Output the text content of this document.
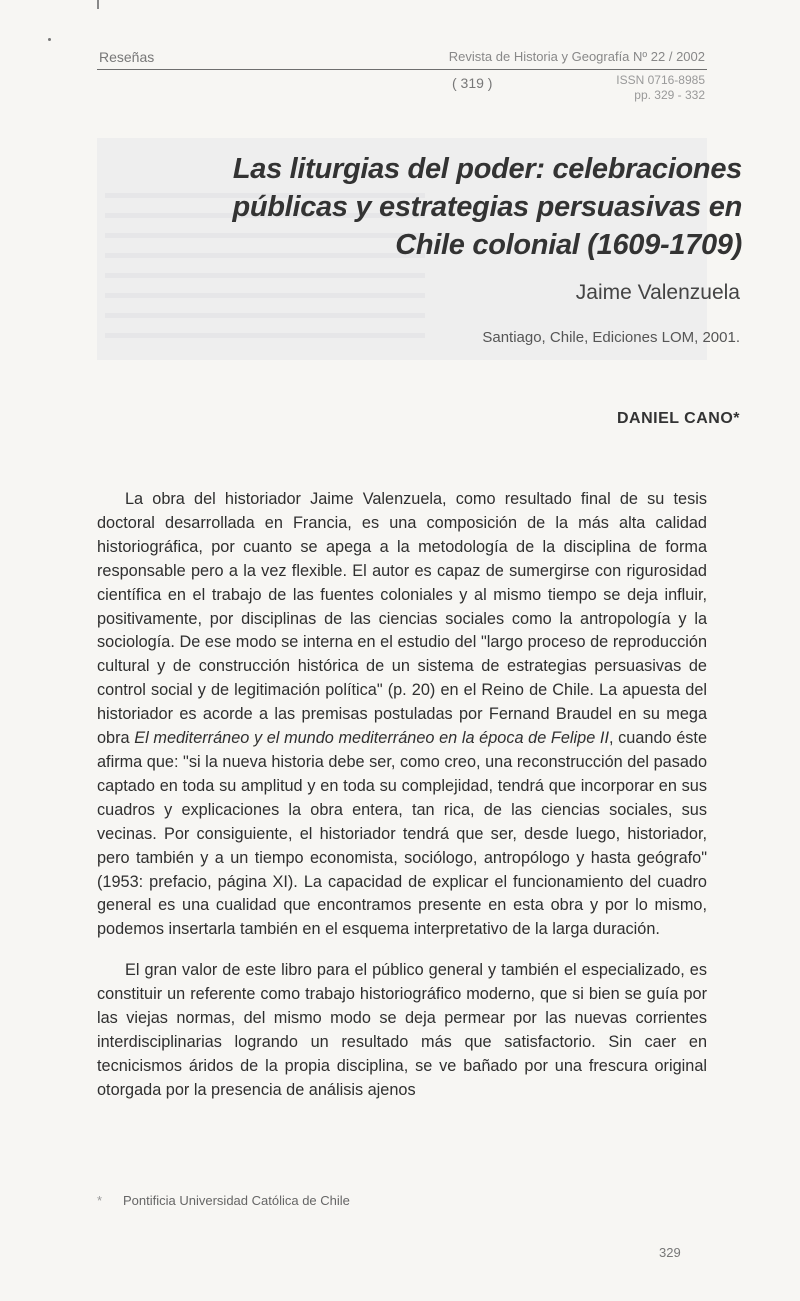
Reseñas	Revista de Historia y Geografía Nº 22 / 2002
( 319 )	ISSN 0716-8985
pp. 329 - 332
Las liturgias del poder: celebraciones públicas y estrategias persuasivas en Chile colonial (1609-1709)
Jaime Valenzuela
Santiago, Chile, Ediciones LOM, 2001.
DANIEL CANO*

La obra del historiador Jaime Valenzuela, como resultado final de su tesis doctoral desarrollada en Francia, es una composición de la más alta calidad historiográfica, por cuanto se apega a la metodología de la disciplina de forma responsable pero a la vez flexible. El autor es capaz de sumergirse con rigurosidad científica en el trabajo de las fuentes coloniales y al mismo tiempo se deja influir, positivamente, por disciplinas de las ciencias sociales como la antropología y la sociología. De ese modo se interna en el estudio del "largo proceso de reproducción cultural y de construcción histórica de un sistema de estrategias persuasivas de control social y de legitimación política" (p. 20) en el Reino de Chile. La apuesta del historiador es acorde a las premisas postuladas por Fernand Braudel en su mega obra El mediterráneo y el mundo mediterráneo en la época de Felipe II, cuando éste afirma que: "si la nueva historia debe ser, como creo, una reconstrucción del pasado captado en toda su amplitud y en toda su complejidad, tendrá que incorporar en sus cuadros y explicaciones la obra entera, tan rica, de las ciencias sociales, sus vecinas. Por consiguiente, el historiador tendrá que ser, desde luego, historiador, pero también y a un tiempo economista, sociólogo, antropólogo y hasta geógrafo" (1953: prefacio, página XI). La capacidad de explicar el funcionamiento del cuadro general es una cualidad que encontramos presente en esta obra y por lo mismo, podemos insertarla también en el esquema interpretativo de la larga duración.

El gran valor de este libro para el público general y también el especializado, es constituir un referente como trabajo historiográfico moderno, que si bien se guía por las viejas normas, del mismo modo se deja permear por las nuevas corrientes interdisciplinarias logrando un resultado más que satisfactorio. Sin caer en tecnicismos áridos de la propia disciplina, se ve bañado por una frescura original otorgada por la presencia de análisis ajenos

* Pontificia Universidad Católica de Chile
329
